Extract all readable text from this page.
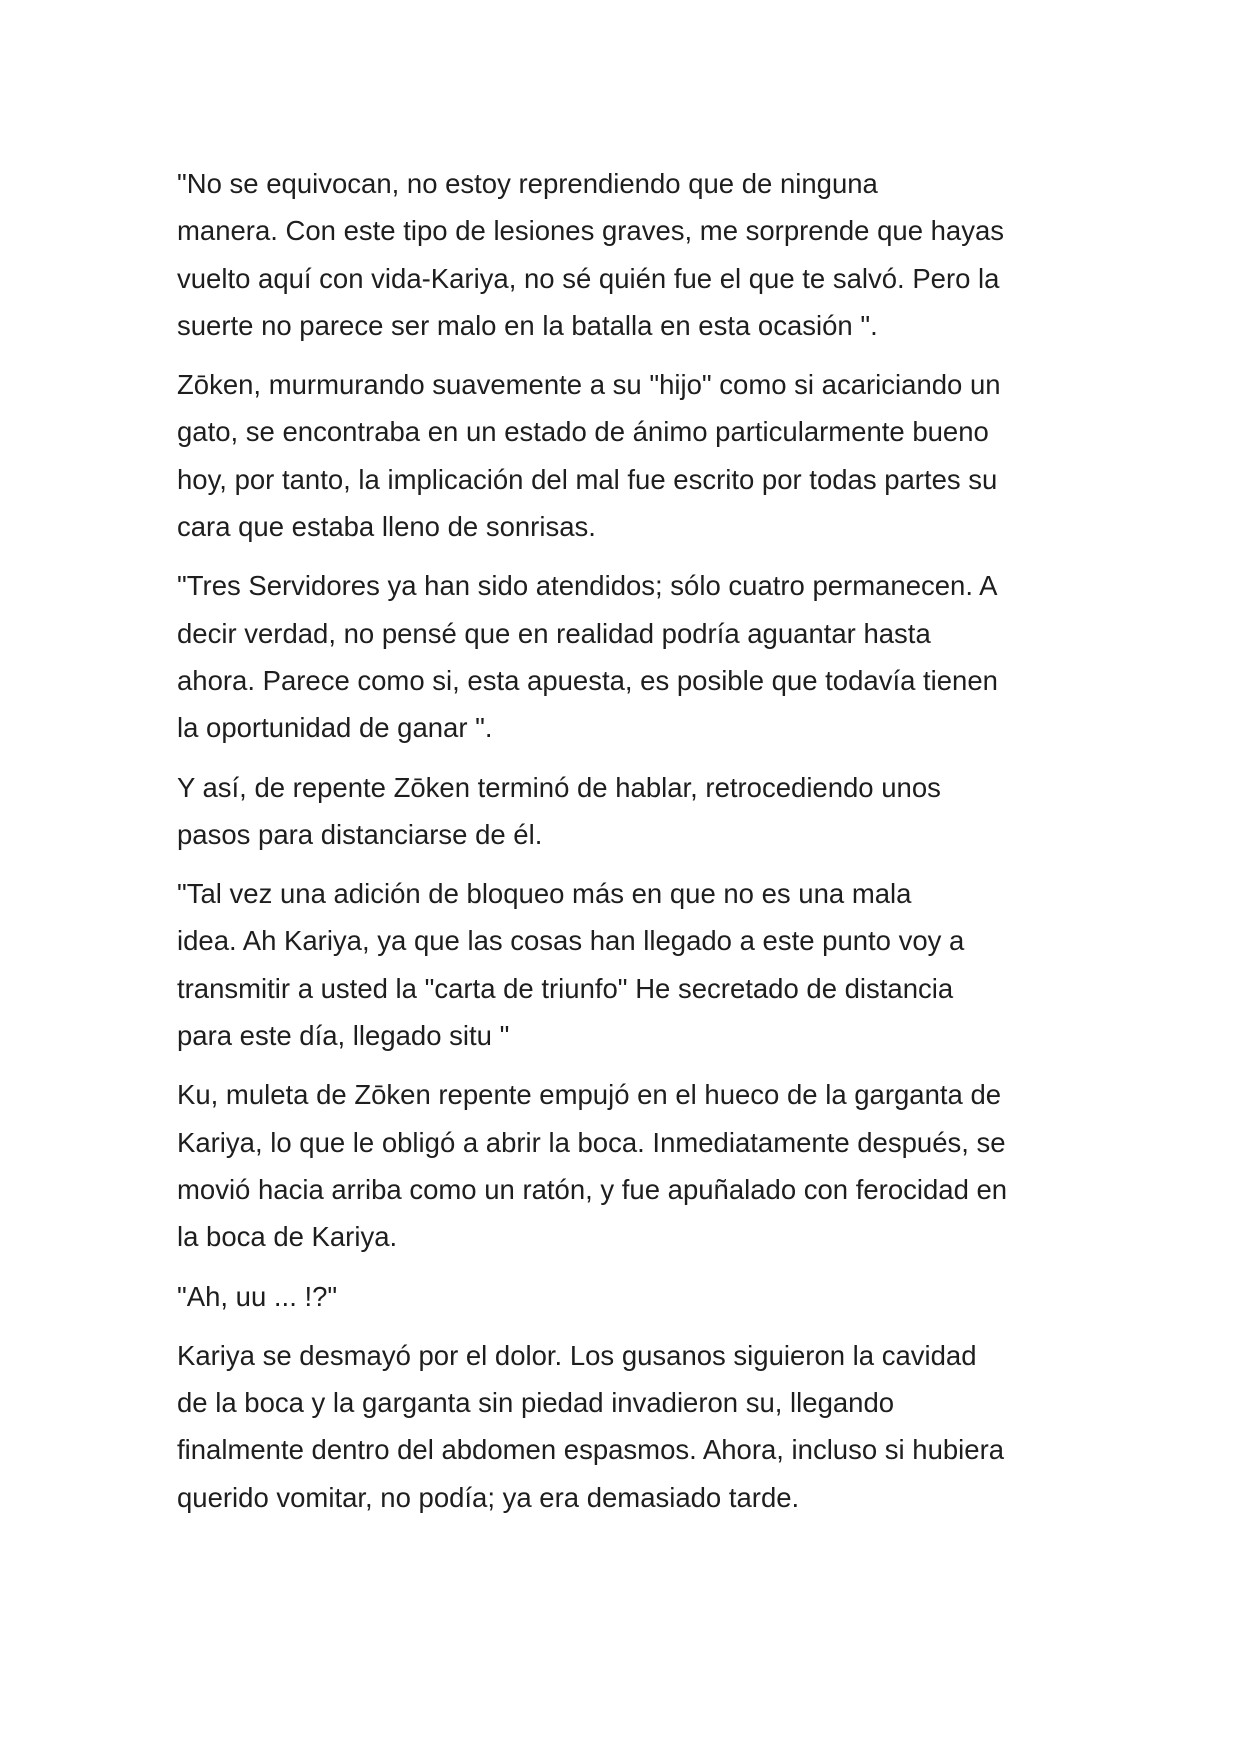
"No se equivocan, no estoy reprendiendo que de ninguna
manera. Con este tipo de lesiones graves, me sorprende que hayas
vuelto aquí con vida-Kariya, no sé quién fue el que te salvó. Pero la
suerte no parece ser malo en la batalla en esta ocasión ".

Zōken, murmurando suavemente a su "hijo" como si acariciando un
gato, se encontraba en un estado de ánimo particularmente bueno
hoy, por tanto, la implicación del mal fue escrito por todas partes su
cara que estaba lleno de sonrisas.

"Tres Servidores ya han sido atendidos; sólo cuatro permanecen. A
decir verdad, no pensé que en realidad podría aguantar hasta
ahora. Parece como si, esta apuesta, es posible que todavía tienen
la oportunidad de ganar ".

Y así, de repente Zōken terminó de hablar, retrocediendo unos
pasos para distanciarse de él.

"Tal vez una adición de bloqueo más en que no es una mala
idea. Ah Kariya, ya que las cosas han llegado a este punto voy a
transmitir a usted la "carta de triunfo" He secretado de distancia
para este día, llegado situ "

Ku, muleta de Zōken repente empujó en el hueco de la garganta de
Kariya, lo que le obligó a abrir la boca. Inmediatamente después, se
movió hacia arriba como un ratón, y fue apuñalado con ferocidad en
la boca de Kariya.

"Ah, uu ... !?"

Kariya se desmayó por el dolor. Los gusanos siguieron la cavidad
de la boca y la garganta sin piedad invadieron su, llegando
finalmente dentro del abdomen espasmos. Ahora, incluso si hubiera
querido vomitar, no podía; ya era demasiado tarde.
